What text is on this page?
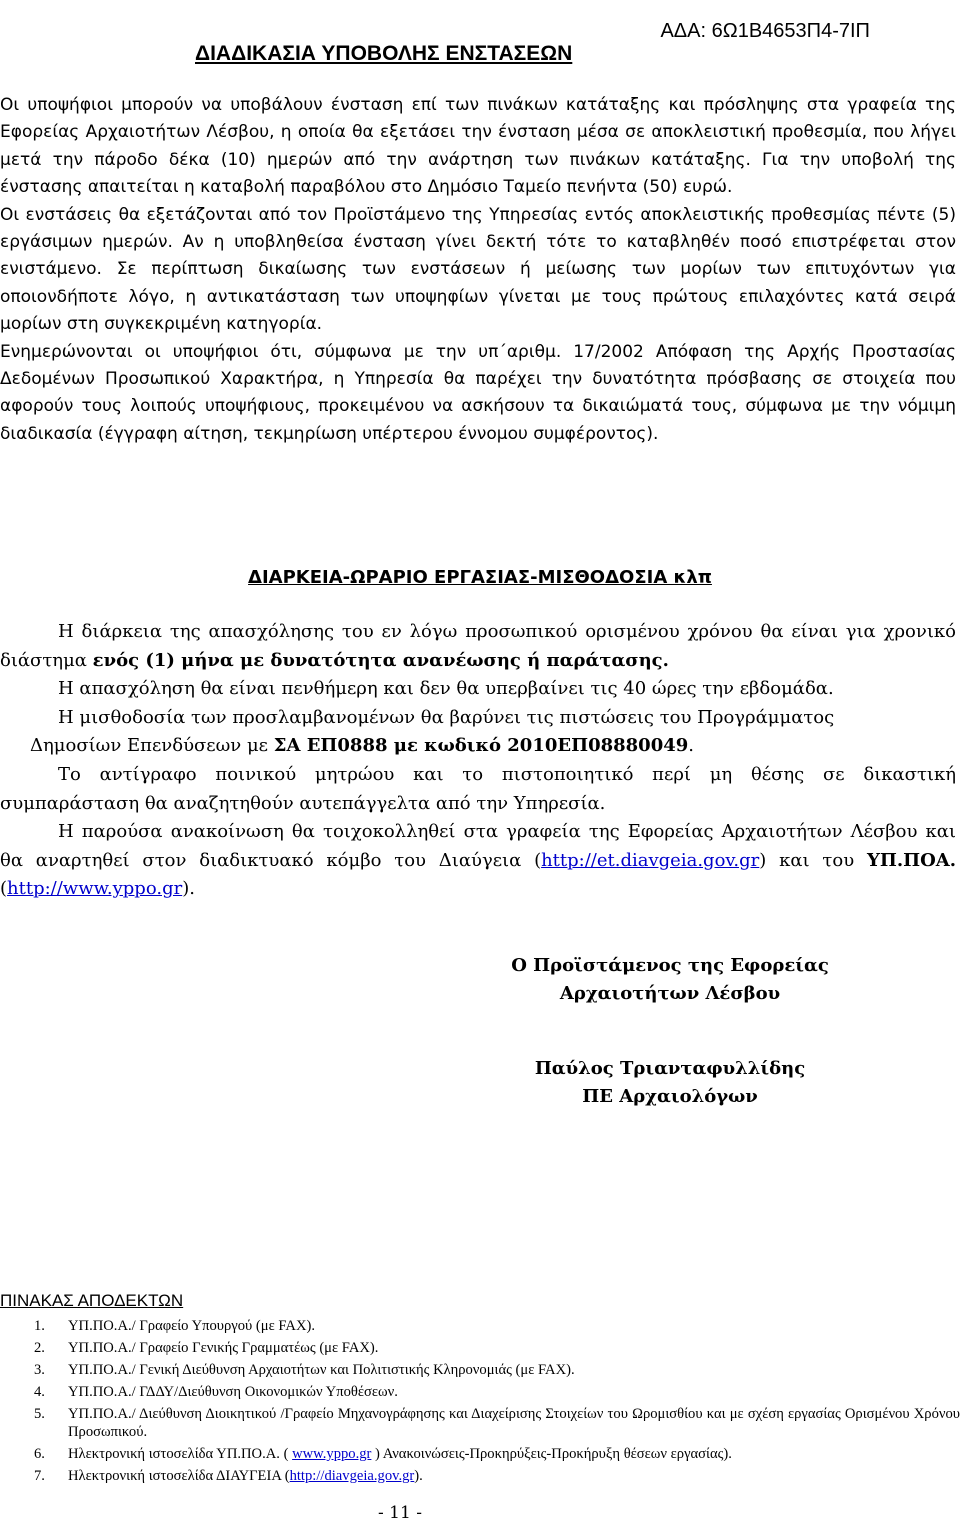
ΑΔΑ: 6Ω1Β4653Π4-7ΙΠ
ΔΙΑΔΙΚΑΣΙΑ ΥΠΟΒΟΛΗΣ ΕΝΣΤΑΣΕΩΝ

Οι υποψήφιοι μπορούν να υποβάλουν ένσταση επί των πινάκων κατάταξης και πρόσληψης στα γραφεία της Εφορείας Αρχαιοτήτων Λέσβου, η οποία θα εξετάσει την ένσταση μέσα σε αποκλειστική προθεσμία, που λήγει μετά την πάροδο δέκα (10) ημερών από την ανάρτηση των πινάκων κατάταξης. Για την υποβολή της ένστασης απαιτείται η καταβολή παραβόλου στο Δημόσιο Ταμείο πενήντα (50) ευρώ.

Οι ενστάσεις θα εξετάζονται από τον Προϊστάμενο της Υπηρεσίας εντός αποκλειστικής προθεσμίας πέντε (5) εργάσιμων ημερών. Αν η υποβληθείσα ένσταση γίνει δεκτή τότε το καταβληθέν ποσό επιστρέφεται στον ενιστάμενο. Σε περίπτωση δικαίωσης των ενστάσεων ή μείωσης των μορίων των επιτυχόντων για οποιονδήποτε λόγο, η αντικατάσταση των υποψηφίων γίνεται με τους πρώτους επιλαχόντες κατά σειρά μορίων στη συγκεκριμένη κατηγορία.

Ενημερώνονται οι υποψήφιοι ότι, σύμφωνα με την υπ΄αριθμ. 17/2002 Απόφαση της Αρχής Προστασίας Δεδομένων Προσωπικού Χαρακτήρα, η Υπηρεσία θα παρέχει την δυνατότητα πρόσβασης σε στοιχεία που αφορούν τους λοιπούς υποψήφιους, προκειμένου να ασκήσουν τα δικαιώματά τους, σύμφωνα με την νόμιμη διαδικασία (έγγραφη αίτηση, τεκμηρίωση υπέρτερου έννομου συμφέροντος).

ΔΙΑΡΚΕΙΑ-ΩΡΑΡΙΟ ΕΡΓΑΣΙΑΣ-ΜΙΣΘΟΔΟΣΙΑ κλπ

Η διάρκεια της απασχόλησης του εν λόγω προσωπικού ορισμένου χρόνου θα είναι για χρονικό διάστημα ενός (1) μήνα με δυνατότητα ανανέωσης ή παράτασης.

Η απασχόληση θα είναι πενθήμερη και δεν θα υπερβαίνει τις 40 ώρες την εβδομάδα.

Η μισθοδοσία των προσλαμβανομένων θα βαρύνει τις πιστώσεις του Προγράμματος

Δημοσίων Επενδύσεων με ΣΑ ΕΠ0888 με κωδικό 2010ΕΠ08880049.

Το αντίγραφο ποινικού μητρώου και το πιστοποιητικό περί μη θέσης σε δικαστική συμπαράσταση θα αναζητηθούν αυτεπάγγελτα από την Υπηρεσία.

Η παρούσα ανακοίνωση θα τοιχοκολληθεί στα γραφεία της Εφορείας Αρχαιοτήτων Λέσβου και θα αναρτηθεί στον διαδικτυακό κόμβο του Διαύγεια (http://et.diavgeia.gov.gr) και του ΥΠ.ΠΟΑ. (http://www.yppo.gr).

Ο Προϊστάμενος της Εφορείας
Αρχαιοτήτων Λέσβου
Παύλος Τριανταφυλλίδης
ΠΕ Αρχαιολόγων
ΠΙΝΑΚΑΣ ΑΠΟΔΕΚΤΩΝ
1.	ΥΠ.ΠΟ.Α./ Γραφείο Υπουργού (με FAX).
2.	ΥΠ.ΠΟ.Α./ Γραφείο Γενικής Γραμματέως (με FAX).
3.	ΥΠ.ΠΟ.Α./ Γενική Διεύθυνση Αρχαιοτήτων και Πολιτιστικής Κληρονομιάς (με FAX).
4.	ΥΠ.ΠΟ.Α./ ΓΔΔΥ/Διεύθυνση Οικονομικών Υποθέσεων.
5.	ΥΠ.ΠΟ.Α./ Διεύθυνση Διοικητικού /Γραφείο Μηχανογράφησης και Διαχείρισης Στοιχείων του Ωρομισθίου και με σχέση εργασίας Ορισμένου Χρόνου Προσωπικού.
6.	Ηλεκτρονική ιστοσελίδα ΥΠ.ΠΟ.Α. ( www.yppo.gr ) Ανακοινώσεις-Προκηρύξεις-Προκήρυξη θέσεων εργασίας).
7.	Ηλεκτρονική ιστοσελίδα ΔΙΑΥΓΕΙΑ (http://diavgeia.gov.gr).
- 11 -
